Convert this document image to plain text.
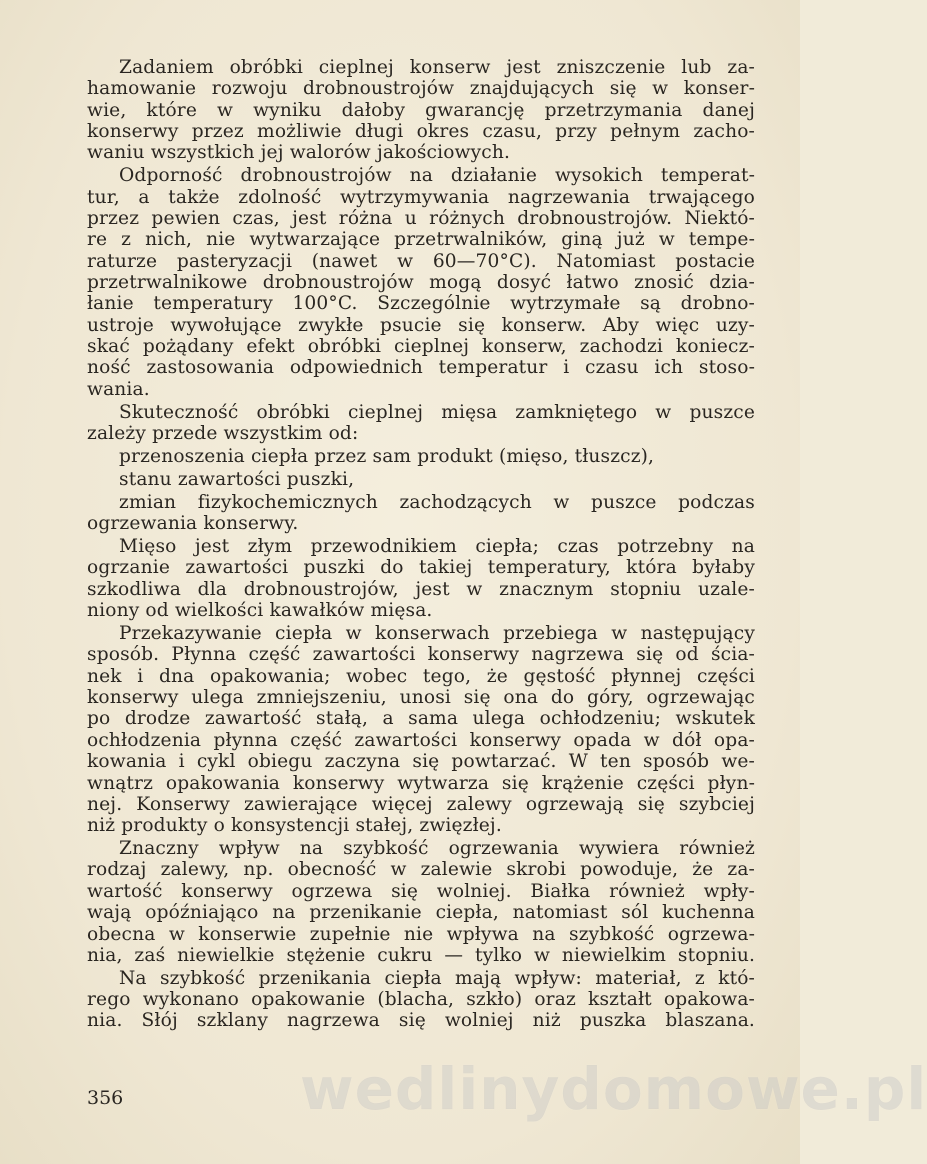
Zadaniem obróbki cieplnej konserw jest zniszczenie lub za-
hamowanie rozwoju drobnoustrojów znajdujących się w konser-
wie, które w wyniku dałoby gwarancję przetrzymania danej
konserwy przez możliwie długi okres czasu, przy pełnym zacho-
waniu wszystkich jej walorów jakościowych.
Odporność drobnoustrojów na działanie wysokich temperat-
tur, a także zdolność wytrzymywania nagrzewania trwającego
przez pewien czas, jest różna u różnych drobnoustrojów. Niektó-
re z nich, nie wytwarzające przetrwalników, giną już w tempe-
raturze pasteryzacji (nawet w 60—70°C). Natomiast postacie
przetrwalnikowe drobnoustrojów mogą dosyć łatwo znosić dzia-
łanie temperatury 100°C. Szczególnie wytrzymałe są drobno-
ustroje wywołujące zwykłe psucie się konserw. Aby więc uzy-
skać pożądany efekt obróbki cieplnej konserw, zachodzi koniecz-
ność zastosowania odpowiednich temperatur i czasu ich stoso-
wania.
Skuteczność obróbki cieplnej mięsa zamkniętego w puszce
zależy przede wszystkim od:
przenoszenia ciepła przez sam produkt (mięso, tłuszcz),
stanu zawartości puszki,
zmian fizykochemicznych zachodzących w puszce podczas
ogrzewania konserwy.
Mięso jest złym przewodnikiem ciepła; czas potrzebny na
ogrzanie zawartości puszki do takiej temperatury, która byłaby
szkodliwa dla drobnoustrojów, jest w znacznym stopniu uzale-
niony od wielkości kawałków mięsa.
Przekazywanie ciepła w konserwach przebiega w następujący
sposób. Płynna część zawartości konserwy nagrzewa się od ścia-
nek i dna opakowania; wobec tego, że gęstość płynnej części
konserwy ulega zmniejszeniu, unosi się ona do góry, ogrzewając
po drodze zawartość stałą, a sama ulega ochłodzeniu; wskutek
ochłodzenia płynna część zawartości konserwy opada w dół opa-
kowania i cykl obiegu zaczyna się powtarzać. W ten sposób we-
wnątrz opakowania konserwy wytwarza się krążenie części płyn-
nej. Konserwy zawierające więcej zalewy ogrzewają się szybciej
niż produkty o konsystencji stałej, zwięzłej.
Znaczny wpływ na szybkość ogrzewania wywiera również
rodzaj zalewy, np. obecność w zalewie skrobi powoduje, że za-
wartość konserwy ogrzewa się wolniej. Białka również wpły-
wają opóźniająco na przenikanie ciepła, natomiast sól kuchenna
obecna w konserwie zupełnie nie wpływa na szybkość ogrzewa-
nia, zaś niewielkie stężenie cukru — tylko w niewielkim stopniu.
Na szybkość przenikania ciepła mają wpływ: materiał, z któ-
rego wykonano opakowanie (blacha, szkło) oraz kształt opakowa-
nia. Słój szklany nagrzewa się wolniej niż puszka blaszana.
wedlinydomowe.pl
356
